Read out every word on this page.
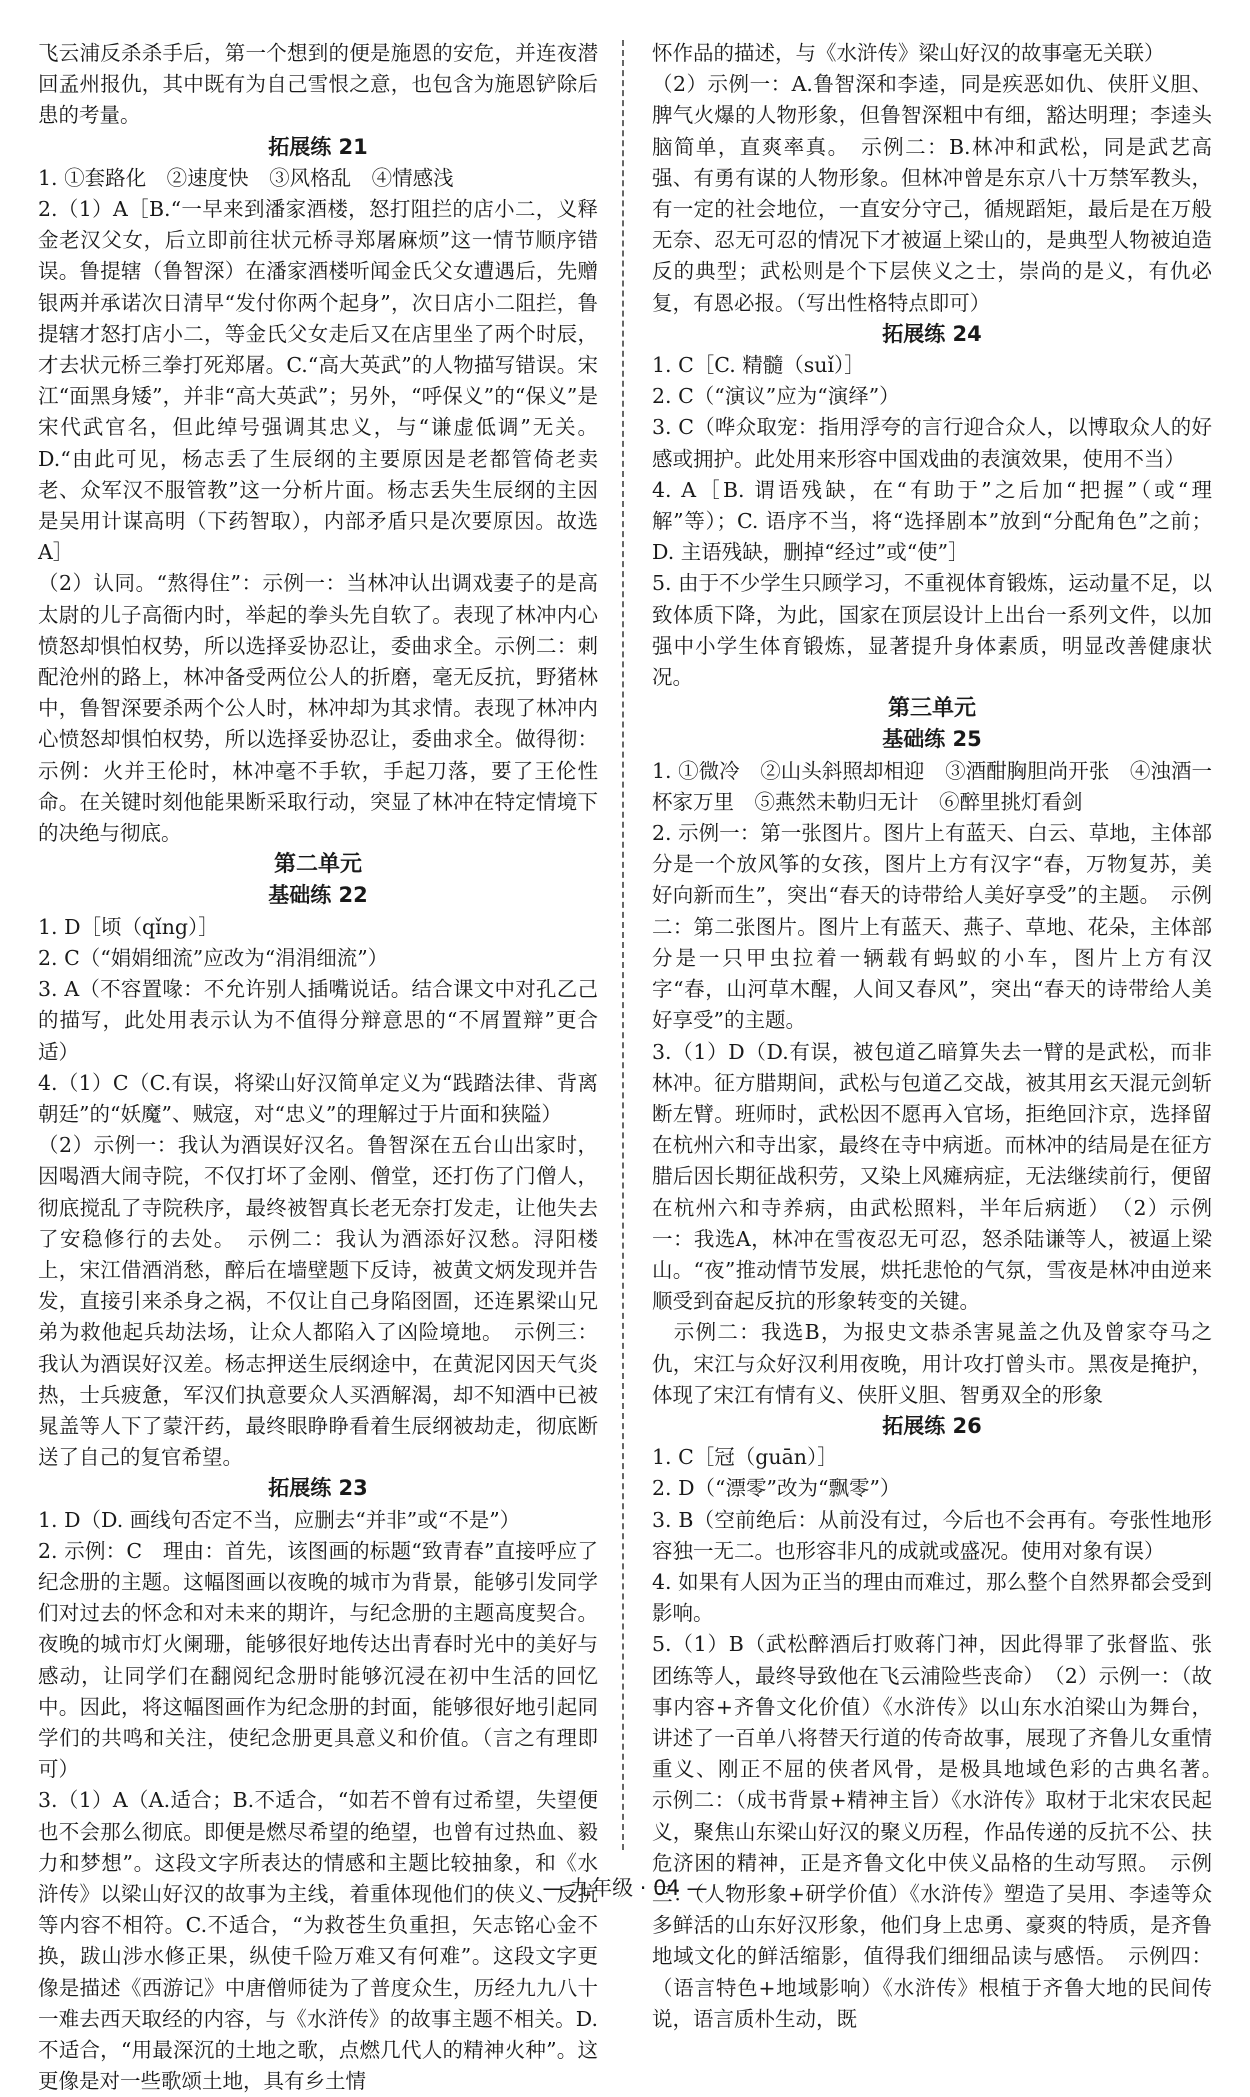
飞云浦反杀杀手后，第一个想到的便是施恩的安危，并连夜潜回孟州报仇，其中既有为自己雪恨之意，也包含为施恩铲除后患的考量。
拓展练 21
1. ①套路化　②速度快　③风格乱　④情感浅
2.（1）A［B.“一早来到潘家酒楼，怒打阻拦的店小二，义释金老汉父女，后立即前往状元桥寻郑屠麻烦”这一情节顺序错误。鲁提辖（鲁智深）在潘家酒楼听闻金氏父女遭遇后，先赠银两并承诺次日清早“发付你两个起身”，次日店小二阻拦，鲁提辖才怒打店小二，等金氏父女走后又在店里坐了两个时辰，才去状元桥三拳打死郑屠。C.“高大英武”的人物描写错误。宋江“面黑身矮”，并非“高大英武”；另外，“呼保义”的“保义”是宋代武官名，但此绰号强调其忠义，与“谦虚低调”无关。D.“由此可见，杨志丢了生辰纲的主要原因是老都管倚老卖老、众军汉不服管教”这一分析片面。杨志丢失生辰纲的主因是吴用计谋高明（下药智取），内部矛盾只是次要原因。故选A］
（2）认同。“熬得住”：示例一：当林冲认出调戏妻子的是高太尉的儿子高衙内时，举起的拳头先自软了。表现了林冲内心愤怒却惧怕权势，所以选择妥协忍让，委曲求全。示例二：刺配沧州的路上，林冲备受两位公人的折磨，毫无反抗，野猪林中，鲁智深要杀两个公人时，林冲却为其求情。表现了林冲内心愤怒却惧怕权势，所以选择妥协忍让，委曲求全。做得彻：示例：火并王伦时，林冲毫不手软，手起刀落，要了王伦性命。在关键时刻他能果断采取行动，突显了林冲在特定情境下的决绝与彻底。
第二单元
基础练 22
1. D［顷（qǐng）］
2. C（“娟娟细流”应改为“涓涓细流”）
3. A（不容置喙：不允许别人插嘴说话。结合课文中对孔乙己的描写，此处用表示认为不值得分辩意思的“不屑置辩”更合适）
4.（1）C（C.有误，将梁山好汉简单定义为“践踏法律、背离朝廷”的“妖魔”、贼寇，对“忠义”的理解过于片面和狭隘）
（2）示例一：我认为酒误好汉名。鲁智深在五台山出家时，因喝酒大闹寺院，不仅打坏了金刚、僧堂，还打伤了门僧人，彻底搅乱了寺院秩序，最终被智真长老无奈打发走，让他失去了安稳修行的去处。　示例二：我认为酒添好汉愁。浔阳楼上，宋江借酒消愁，醉后在墙壁题下反诗，被黄文炳发现并告发，直接引来杀身之祸，不仅让自己身陷囹圄，还连累梁山兄弟为救他起兵劫法场，让众人都陷入了凶险境地。　示例三：我认为酒误好汉差。杨志押送生辰纲途中，在黄泥冈因天气炎热，士兵疲惫，军汉们执意要众人买酒解渴，却不知酒中已被晁盖等人下了蒙汗药，最终眼睁睁看着生辰纲被劫走，彻底断送了自己的复官希望。
拓展练 23
1. D（D. 画线句否定不当，应删去“并非”或“不是”）
2. 示例：C　理由：首先，该图画的标题“致青春”直接呼应了纪念册的主题。这幅图画以夜晚的城市为背景，能够引发同学们对过去的怀念和对未来的期许，与纪念册的主题高度契合。夜晚的城市灯火阑珊，能够很好地传达出青春时光中的美好与感动，让同学们在翻阅纪念册时能够沉浸在初中生活的回忆中。因此，将这幅图画作为纪念册的封面，能够很好地引起同学们的共鸣和关注，使纪念册更具意义和价值。（言之有理即可）
3.（1）A（A.适合；B.不适合，“如若不曾有过希望，失望便也不会那么彻底。即便是燃尽希望的绝望，也曾有过热血、毅力和梦想”。这段文字所表达的情感和主题比较抽象，和《水浒传》以梁山好汉的故事为主线，着重体现他们的侠义、反抗等内容不相符。C.不适合，“为救苍生负重担，矢志铭心金不换，跋山涉水修正果，纵使千险万难又有何难”。这段文字更像是描述《西游记》中唐僧师徒为了普度众生，历经九九八十一难去西天取经的内容，与《水浒传》的故事主题不相关。D.不适合，“用最深沉的土地之歌，点燃几代人的精神火种”。这更像是对一些歌颂土地，具有乡土情
怀作品的描述，与《水浒传》梁山好汉的故事毫无关联）
（2）示例一：A.鲁智深和李逵，同是疾恶如仇、侠肝义胆、脾气火爆的人物形象，但鲁智深粗中有细，豁达明理；李逵头脑简单，直爽率真。　示例二：B.林冲和武松，同是武艺高强、有勇有谋的人物形象。但林冲曾是东京八十万禁军教头，有一定的社会地位，一直安分守己，循规蹈矩，最后是在万般无奈、忍无可忍的情况下才被逼上梁山的，是典型人物被迫造反的典型；武松则是个下层侠义之士，崇尚的是义，有仇必复，有恩必报。（写出性格特点即可）
拓展练 24
1. C［C. 精髓（suǐ）］
2. C（“演议”应为“演绎”）
3. C（哗众取宠：指用浮夸的言行迎合众人，以博取众人的好感或拥护。此处用来形容中国戏曲的表演效果，使用不当）
4. A［B. 谓语残缺，在“有助于”之后加“把握”（或“理解”等）；C. 语序不当，将“选择剧本”放到“分配角色”之前；D. 主语残缺，删掉“经过”或“使”］
5. 由于不少学生只顾学习，不重视体育锻炼，运动量不足，以致体质下降，为此，国家在顶层设计上出台一系列文件，以加强中小学生体育锻炼，显著提升身体素质，明显改善健康状况。
第三单元
基础练 25
1. ①微冷　②山头斜照却相迎　③酒酣胸胆尚开张　④浊酒一杯家万里　⑤燕然未勒归无计　⑥醉里挑灯看剑
2. 示例一：第一张图片。图片上有蓝天、白云、草地，主体部分是一个放风筝的女孩，图片上方有汉字“春，万物复苏，美好向新而生”，突出“春天的诗带给人美好享受”的主题。　示例二：第二张图片。图片上有蓝天、燕子、草地、花朵，主体部分是一只甲虫拉着一辆载有蚂蚁的小车，图片上方有汉字“春，山河草木醒，人间又春风”，突出“春天的诗带给人美好享受”的主题。
3.（1）D（D.有误，被包道乙暗算失去一臂的是武松，而非林冲。征方腊期间，武松与包道乙交战，被其用玄天混元剑斩断左臂。班师时，武松因不愿再入官场，拒绝回汴京，选择留在杭州六和寺出家，最终在寺中病逝。而林冲的结局是在征方腊后因长期征战积劳，又染上风瘫病症，无法继续前行，便留在杭州六和寺养病，由武松照料，半年后病逝）　（2）示例一：我选A，林冲在雪夜忍无可忍，怒杀陆谦等人，被逼上梁山。“夜”推动情节发展，烘托悲怆的气氛，雪夜是林冲由逆来顺受到奋起反抗的形象转变的关键。
　示例二：我选B，为报史文恭杀害晁盖之仇及曾家夺马之仇，宋江与众好汉利用夜晚，用计攻打曾头市。黑夜是掩护，体现了宋江有情有义、侠肝义胆、智勇双全的形象
拓展练 26
1. C［冠（guān）］
2. D（“漂零”改为“飘零”）
3. B（空前绝后：从前没有过，今后也不会再有。夸张性地形容独一无二。也形容非凡的成就或盛况。使用对象有误）
4. 如果有人因为正当的理由而难过，那么整个自然界都会受到影响。
5.（1）B（武松醉酒后打败蒋门神，因此得罪了张督监、张团练等人，最终导致他在飞云浦险些丧命）　（2）示例一：（故事内容+齐鲁文化价值）《水浒传》以山东水泊梁山为舞台，讲述了一百单八将替天行道的传奇故事，展现了齐鲁儿女重情重义、刚正不屈的侠者风骨，是极具地域色彩的古典名著。　示例二：（成书背景+精神主旨）《水浒传》取材于北宋农民起义，聚焦山东梁山好汉的聚义历程，作品传递的反抗不公、扶危济困的精神，正是齐鲁文化中侠义品格的生动写照。　示例三：（人物形象+研学价值）《水浒传》塑造了吴用、李逵等众多鲜活的山东好汉形象，他们身上忠勇、豪爽的特质，是齐鲁地域文化的鲜活缩影，值得我们细细品读与感悟。　示例四：（语言特色+地域影响）《水浒传》根植于齐鲁大地的民间传说，语言质朴生动，既
— 九年级 · 04 —
